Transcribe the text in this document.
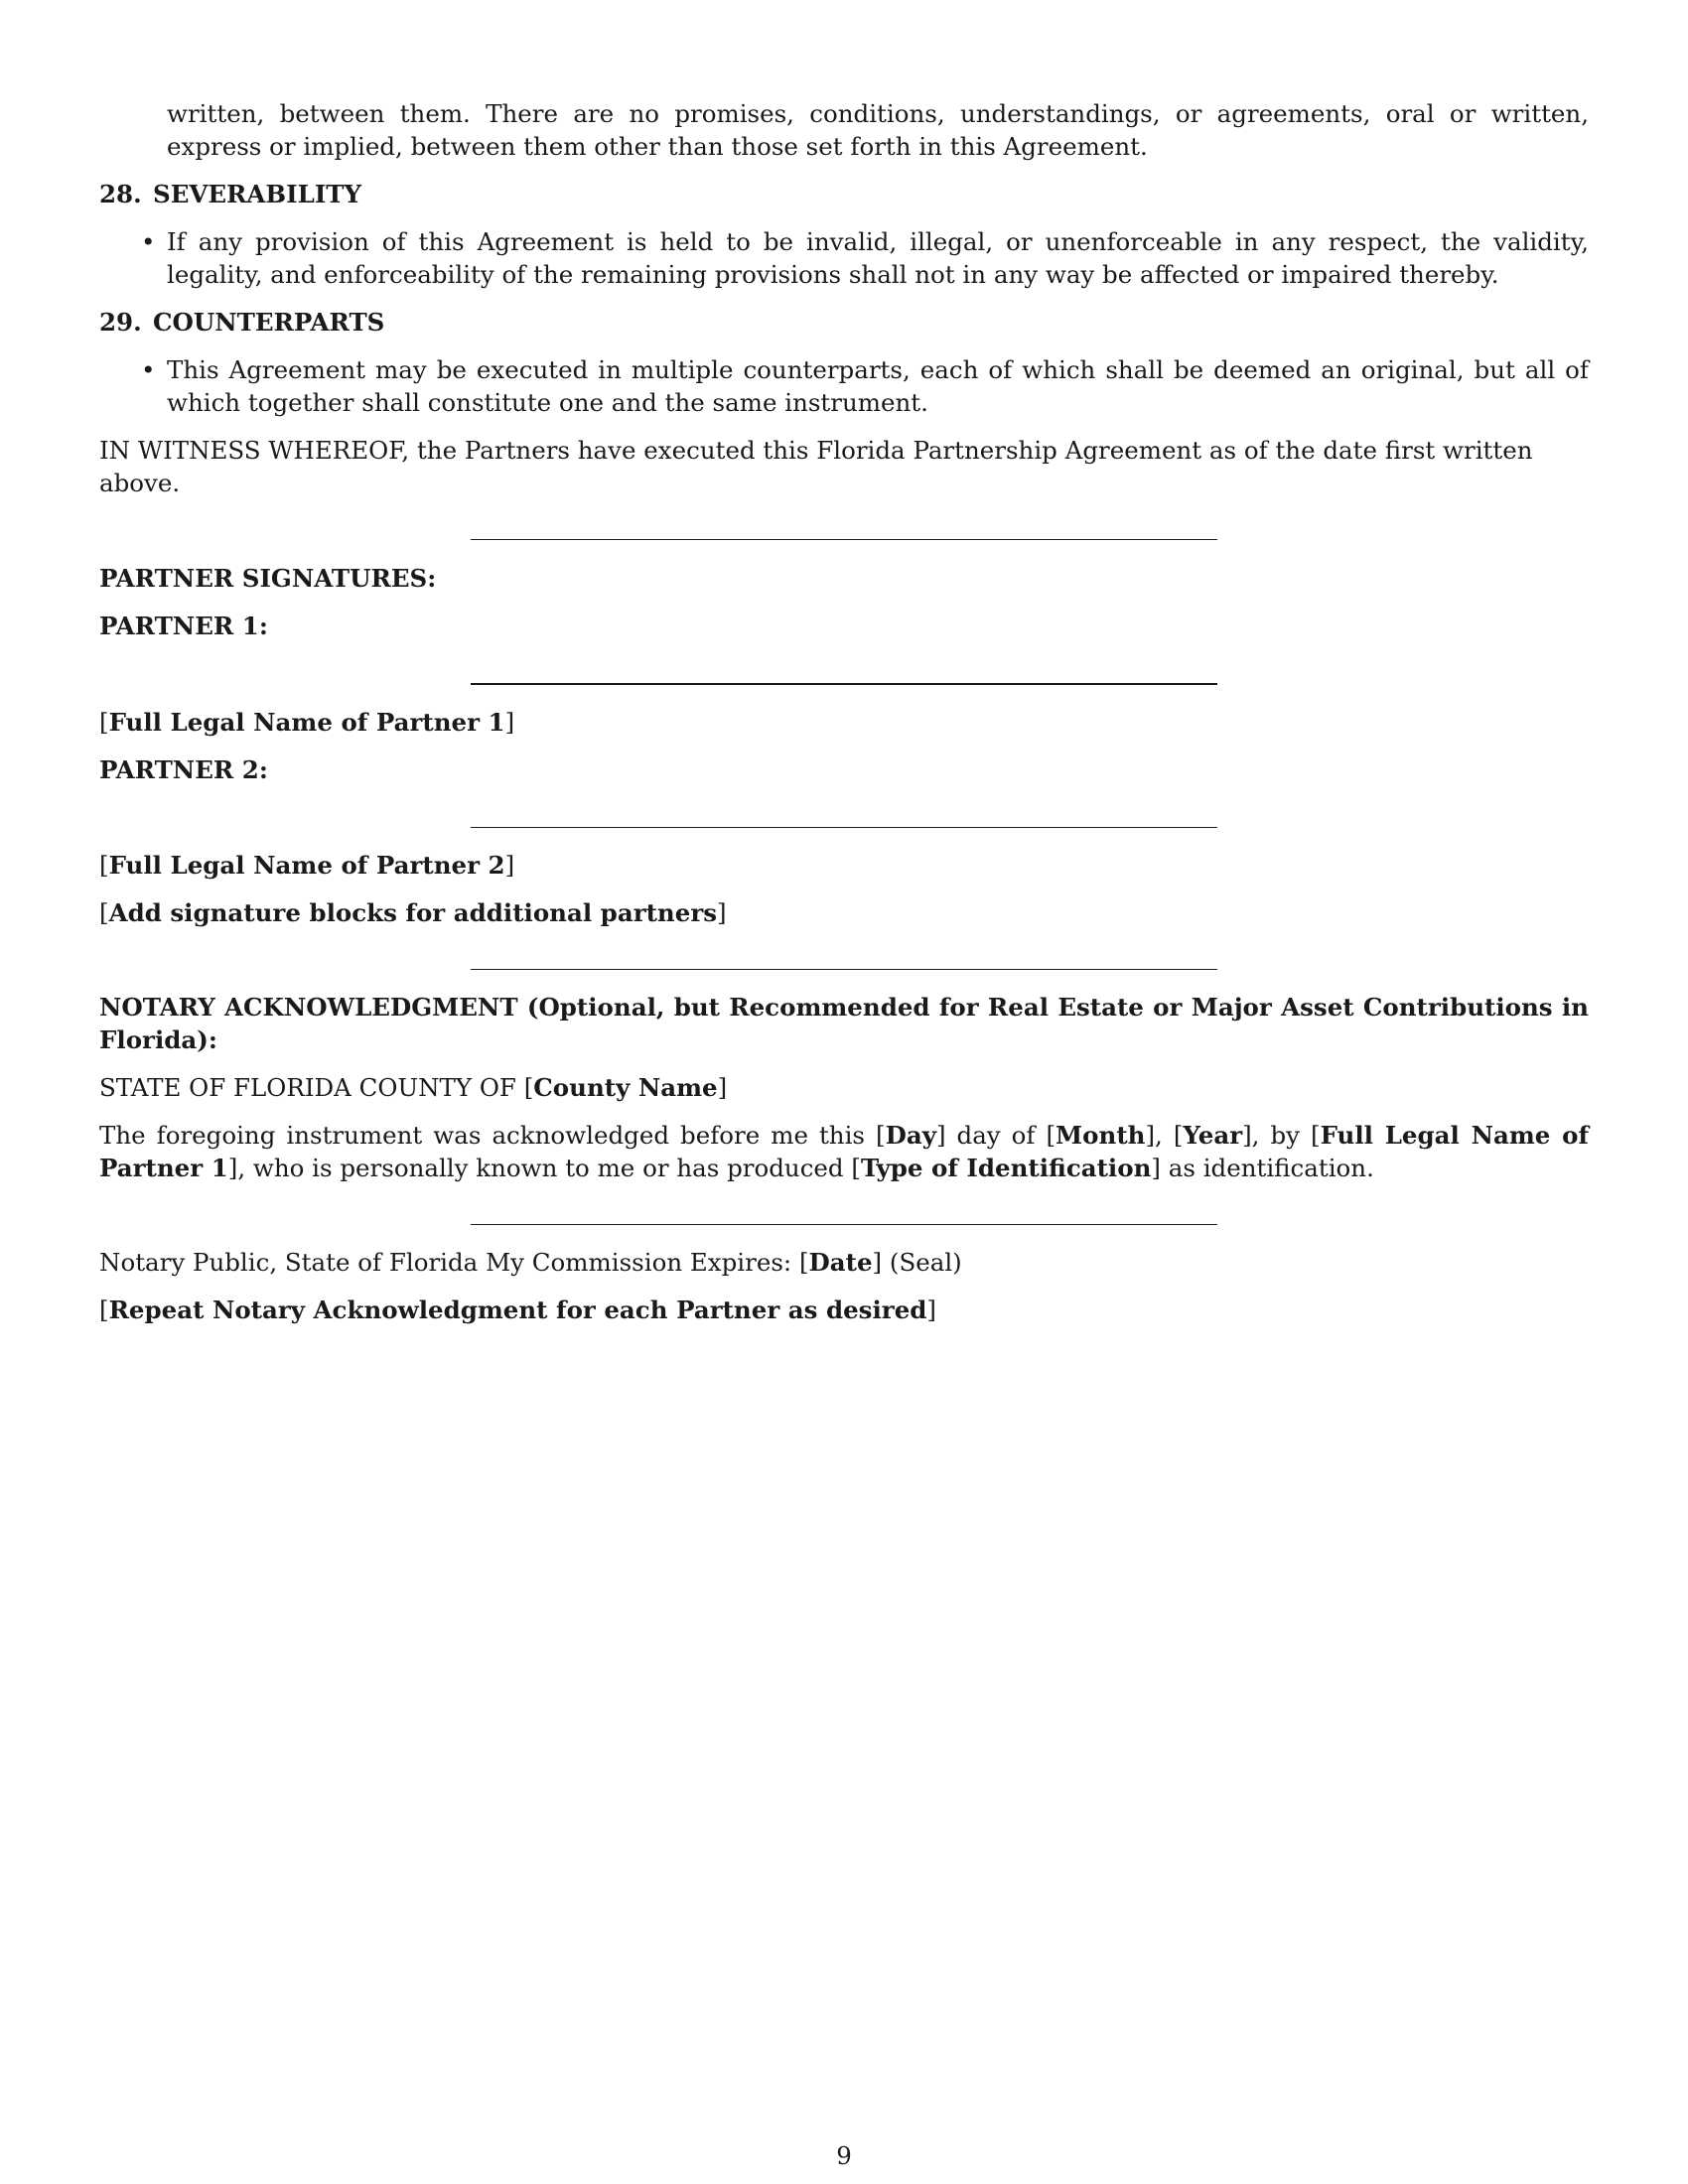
written, between them. There are no promises, conditions, understandings, or agreements, oral or written, express or implied, between them other than those set forth in this Agreement.

28. SEVERABILITY

• If any provision of this Agreement is held to be invalid, illegal, or unenforceable in any respect, the validity, legality, and enforceability of the remaining provisions shall not in any way be affected or impaired thereby.

29. COUNTERPARTS

• This Agreement may be executed in multiple counterparts, each of which shall be deemed an original, but all of which together shall constitute one and the same instrument.

IN WITNESS WHEREOF, the Partners have executed this Florida Partnership Agreement as of the date first written above.

PARTNER SIGNATURES:

PARTNER 1:

[Full Legal Name of Partner 1]

PARTNER 2:

[Full Legal Name of Partner 2]

[Add signature blocks for additional partners]

NOTARY ACKNOWLEDGMENT (Optional, but Recommended for Real Estate or Major Asset Contributions in Florida):

STATE OF FLORIDA COUNTY OF [County Name]

The foregoing instrument was acknowledged before me this [Day] day of [Month], [Year], by [Full Legal Name of Partner 1], who is personally known to me or has produced [Type of Identification] as identification.

Notary Public, State of Florida My Commission Expires: [Date] (Seal)

[Repeat Notary Acknowledgment for each Partner as desired]

9
